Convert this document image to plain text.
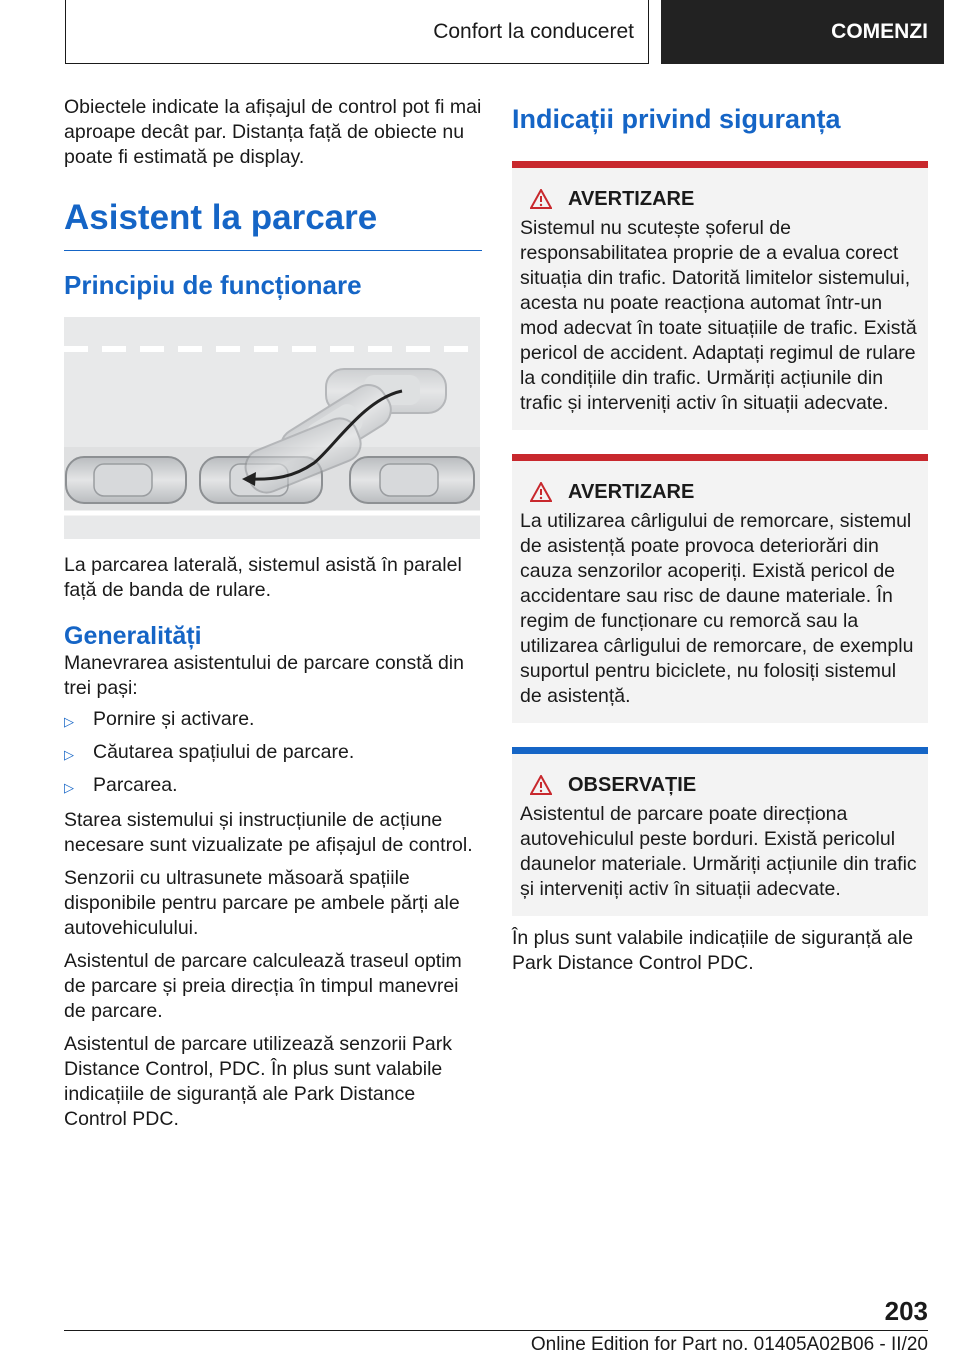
Confort la conduceret	COMENZI

Obiectele indicate la afișajul de control pot fi mai aproape decât par. Distanța față de obiecte nu poate fi estimată pe display.

Asistent la parcare
Principiu de funcționare

La parcarea laterală, sistemul asistă în paralel față de banda de rulare.

Generalități

Manevrarea asistentului de parcare constă din trei pași:

▷ Pornire și activare.
▷ Căutarea spațiului de parcare.
▷ Parcarea.

Starea sistemului și instrucțiunile de acțiune necesare sunt vizualizate pe afișajul de control.

Senzorii cu ultrasunete măsoară spațiile disponibile pentru parcare pe ambele părți ale autovehiculului.

Asistentul de parcare calculează traseul optim de parcare și preia direcția în timpul manevrei de parcare.

Asistentul de parcare utilizează senzorii Park Distance Control, PDC. În plus sunt valabile indicațiile de siguranță ale Park Distance Control PDC.

Indicații privind siguranța
AVERTIZARE

Sistemul nu scutește șoferul de responsabilitatea proprie de a evalua corect situația din trafic. Datorită limitelor sistemului, acesta nu poate reacționa automat într-un mod adecvat în toate situațiile de trafic. Există pericol de accident. Adaptați regimul de rulare la condițiile din trafic. Urmăriți acțiunile din trafic și interveniți activ în situații adecvate.

AVERTIZARE

La utilizarea cârligului de remorcare, sistemul de asistență poate provoca deteriorări din cauza senzorilor acoperiți. Există pericol de accidentare sau risc de daune materiale. În regim de funcționare cu remorcă sau la utilizarea cârligului de remorcare, de exemplu suportul pentru biciclete, nu folosiți sistemul de asistență.

OBSERVAȚIE

Asistentul de parcare poate direcționa autovehiculul peste borduri. Există pericolul daunelor materiale. Urmăriți acțiunile din trafic și interveniți activ în situații adecvate.

În plus sunt valabile indicațiile de siguranță ale Park Distance Control PDC.

203
Online Edition for Part no. 01405A02B06 - II/20
